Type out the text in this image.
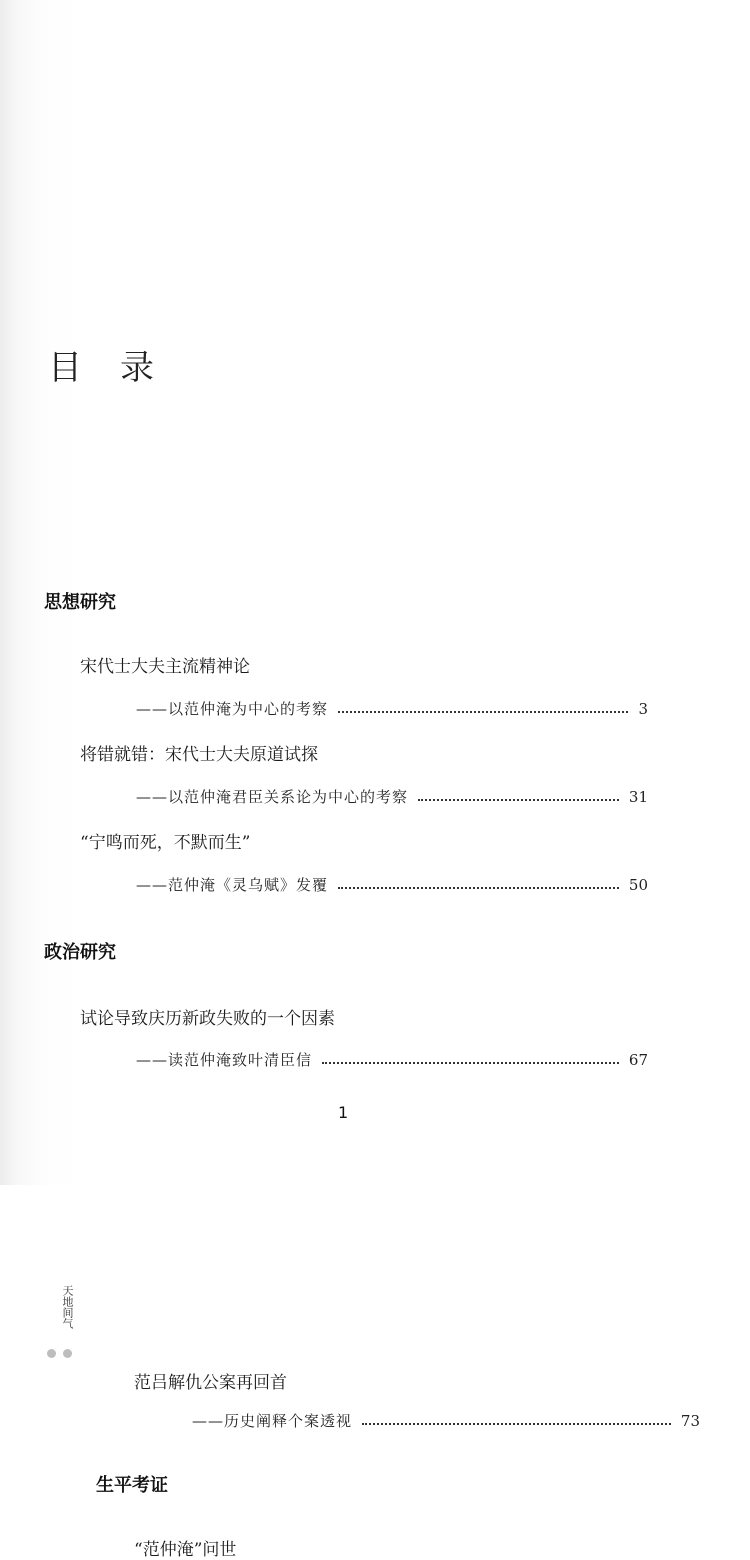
目 录
思想研究
宋代士大夫主流精神论
——以范仲淹为中心的考察	3
将错就错：宋代士大夫原道试探
——以范仲淹君臣关系论为中心的考察	31
“宁鸣而死，不默而生”
——范仲淹《灵乌赋》发覆	50
政治研究
试论导致庆历新政失败的一个因素
——读范仲淹致叶清臣信	67
1
天地间气
范吕解仇公案再回首
——历史阐释个案透视	73
生平考证
“范仲淹”问世
